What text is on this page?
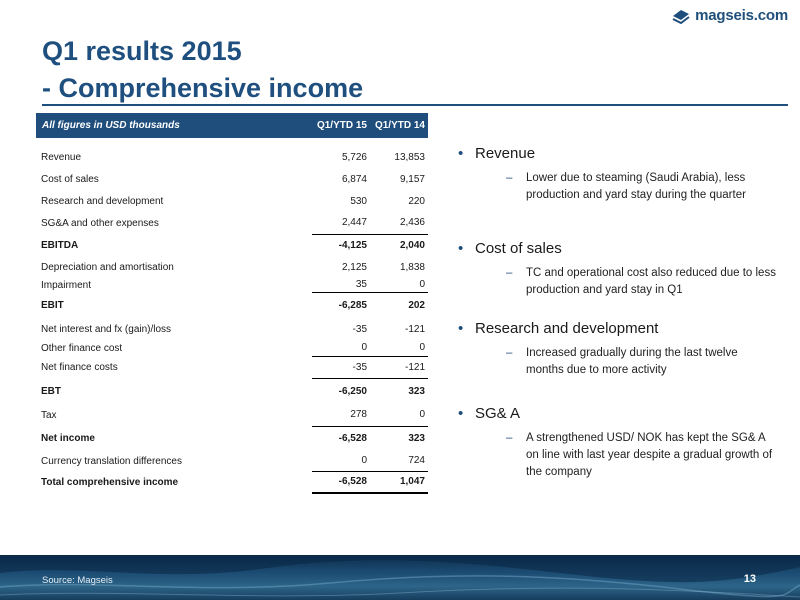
magseis.com
Q1 results 2015
- Comprehensive income
All figures in USD thousands	Q1/YTD 15	Q1/YTD 14

Revenue	5,726	13,853
Cost of sales	6,874	9,157
Research and development	530	220
SG&A and other expenses	2,447	2,436
EBITDA	-4,125	2,040
Depreciation and amortisation	2,125	1,838
Impairment	35	0
EBIT	-6,285	202
Net interest and fx (gain)/loss	-35	-121
Other finance cost	0	0
Net finance costs	-35	-121
EBT	-6,250	323
Tax	278	0
Net income	-6,528	323
Currency translation differences	0	724
Total comprehensive income	-6,528	1,047
• Revenue
– Lower due to steaming (Saudi Arabia), less production and yard stay during the quarter
• Cost of sales
– TC and operational cost also reduced due to less production and yard stay in Q1
• Research and development
– Increased gradually during the last twelve months due to more activity
• SG& A
– A strengthened USD/ NOK has kept the SG& A on line with last year despite a gradual growth of the company
Source: Magseis	13
